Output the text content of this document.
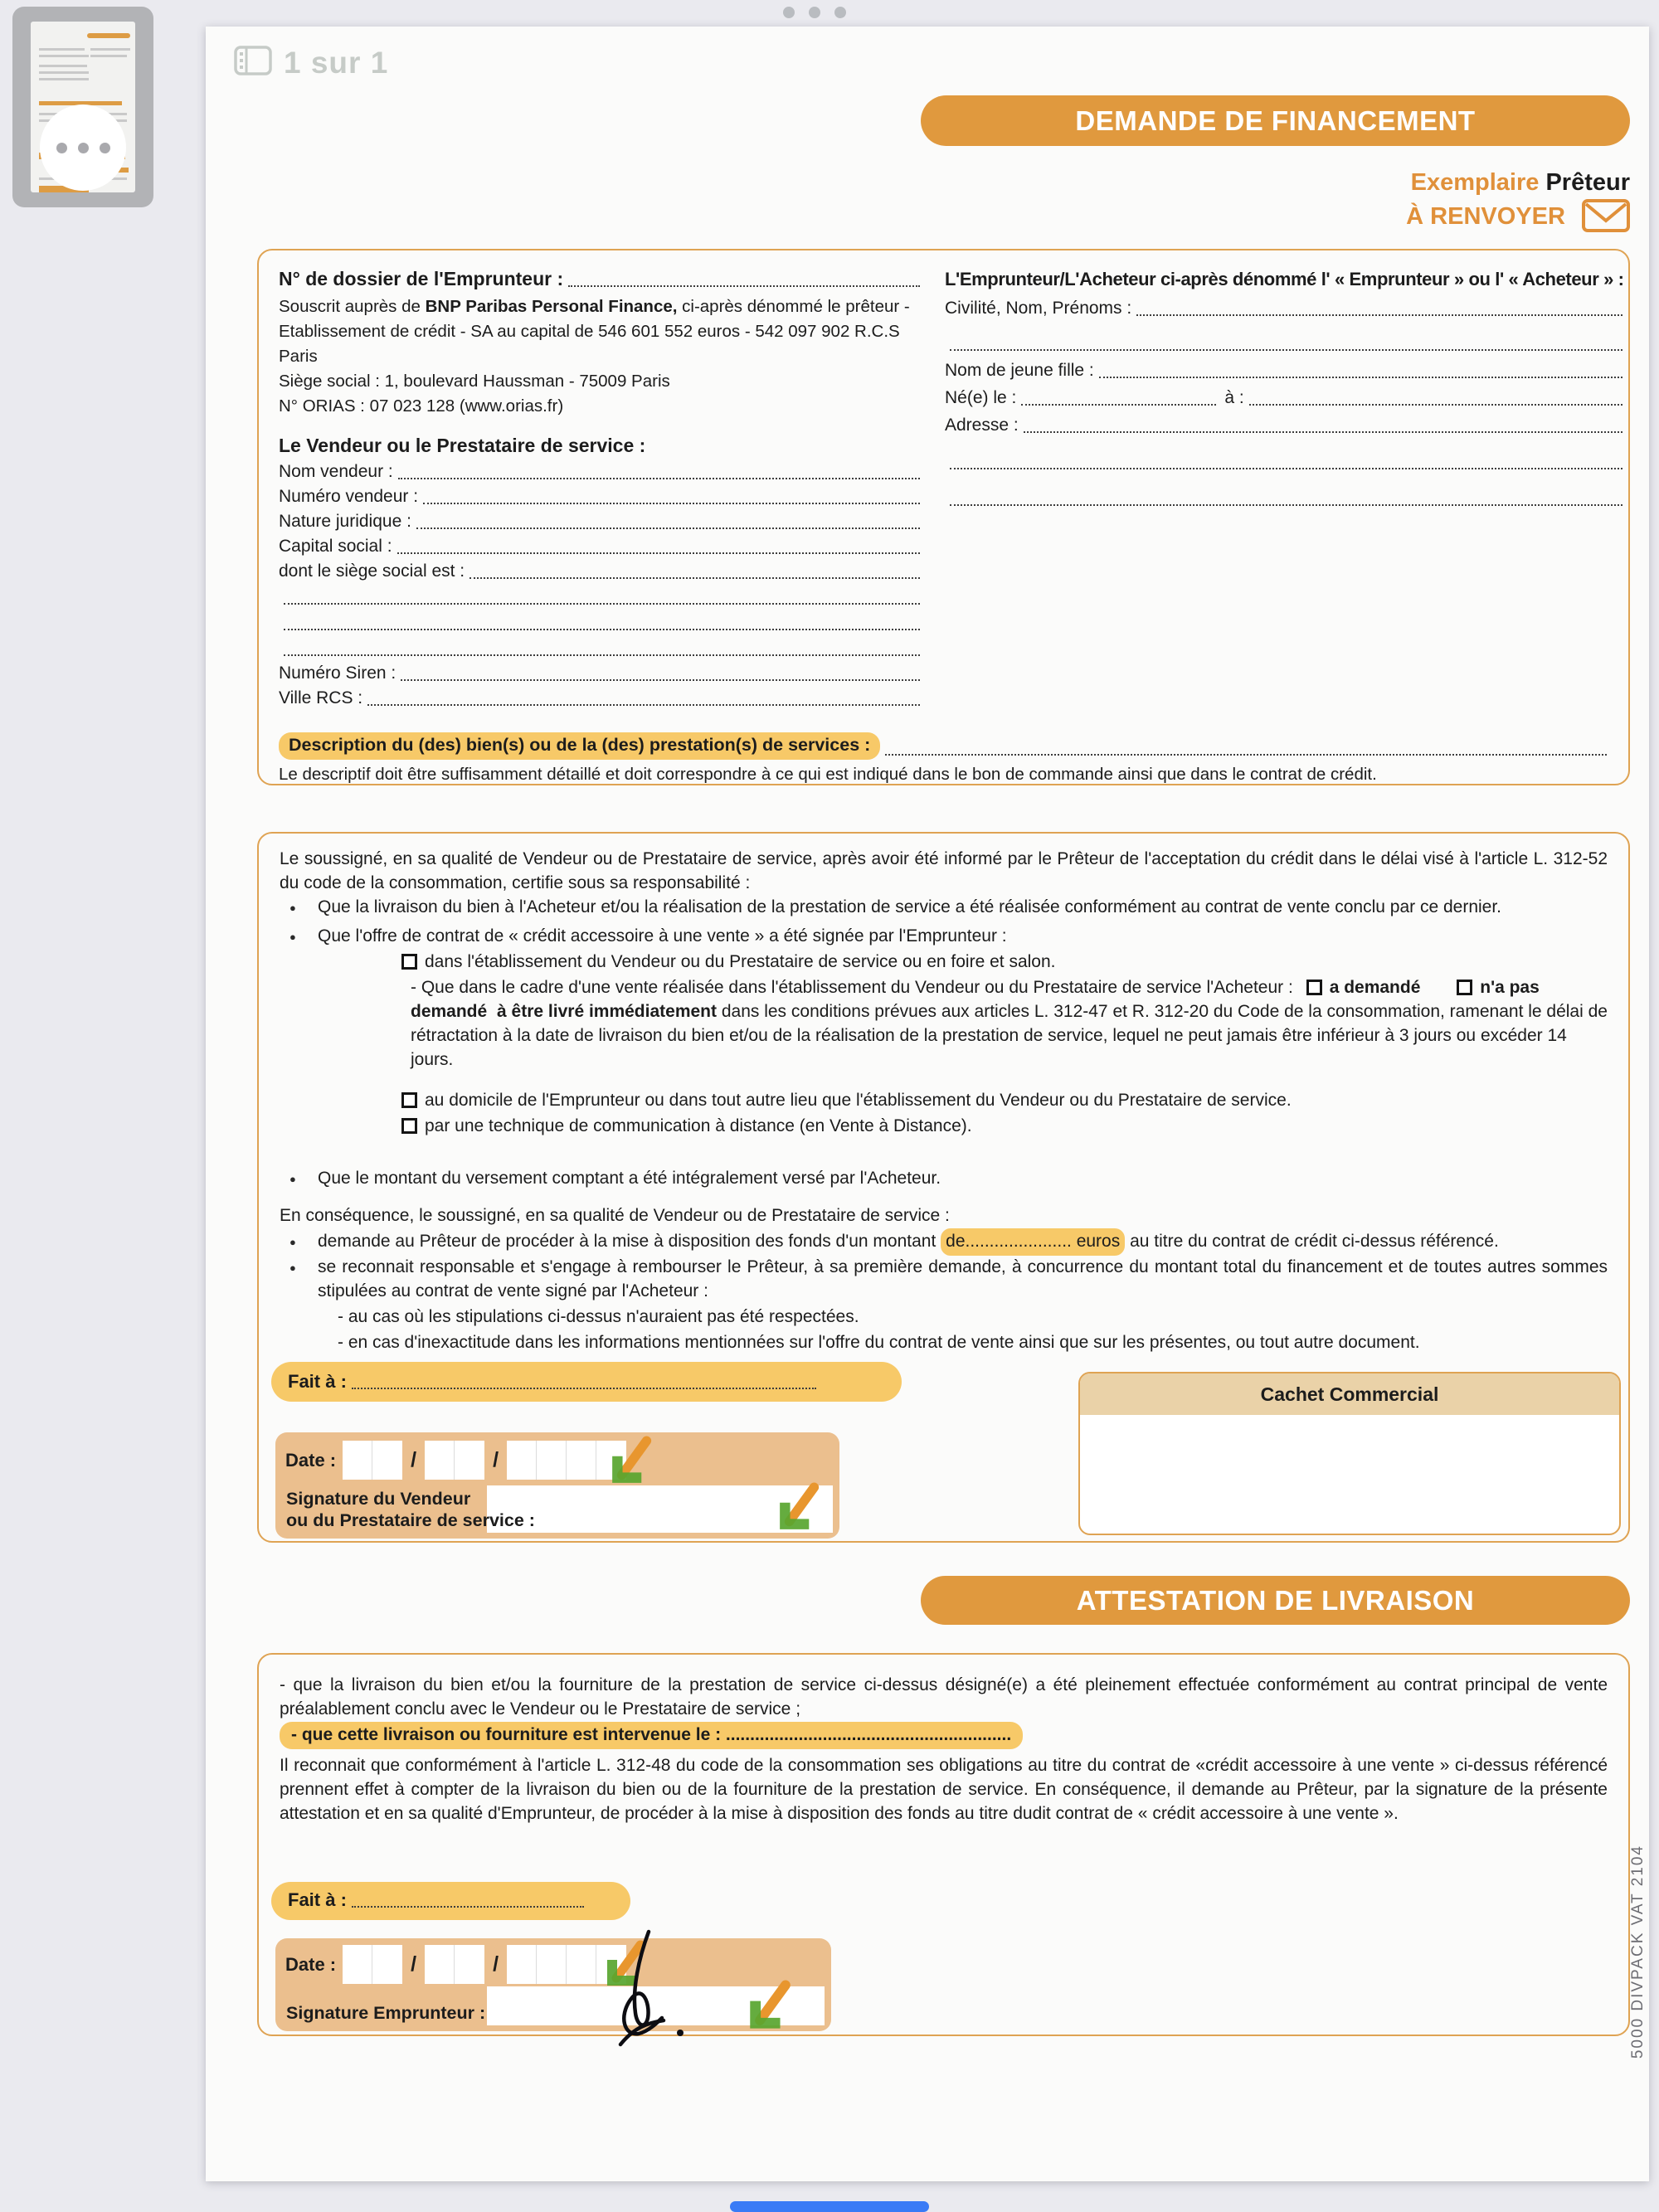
1 sur 1
DEMANDE DE FINANCEMENT
Exemplaire Prêteur
À RENVOYER
N° de dossier de l'Emprunteur :
Souscrit auprès de BNP Paribas Personal Finance, ci-après dénommé le prêteur -
Etablissement de crédit - SA au capital de 546 601 552 euros - 542 097 902 R.C.S Paris
Siège social : 1, boulevard Haussman - 75009 Paris
N° ORIAS : 07 023 128 (www.orias.fr)
Le Vendeur ou le Prestataire de service :
Nom vendeur :
Numéro vendeur :
Nature juridique :
Capital social :
dont le siège social est :
Numéro Siren :
Ville RCS :
L'Emprunteur/L'Acheteur ci-après dénommé l' « Emprunteur » ou l' « Acheteur » :
Civilité, Nom, Prénoms :
Nom de jeune fille :
Né(e) le :	à :
Adresse :
Description du (des) bien(s) ou de la (des) prestation(s) de services :
Le descriptif doit être suffisamment détaillé et doit correspondre à ce qui est indiqué dans le bon de commande ainsi que dans le contrat de crédit.

Le soussigné, en sa qualité de Vendeur ou de Prestataire de service, après avoir été informé par le Prêteur de l'acceptation du crédit dans le délai visé à l'article L. 312-52 du code de la consommation, certifie sous sa responsabilité :

● Que la livraison du bien à l'Acheteur et/ou la réalisation de la prestation de service a été réalisée conformément au contrat de vente conclu par ce dernier.
● Que l'offre de contrat de « crédit accessoire à une vente » a été signée par l'Emprunteur :
dans l'établissement du Vendeur ou du Prestataire de service ou en foire et salon.
- Que dans le cadre d'une vente réalisée dans l'établissement du Vendeur ou du Prestataire de service l'Acheteur : a demandé	n'a pas demandé à être livré immédiatement dans les conditions prévues aux articles L. 312-47 et R. 312-20 du Code de la consommation, ramenant le délai de rétractation à la date de livraison du bien et/ou de la réalisation de la prestation de service, lequel ne peut jamais être inférieur à 3 jours ou excéder 14 jours.
au domicile de l'Emprunteur ou dans tout autre lieu que l'établissement du Vendeur ou du Prestataire de service.
par une technique de communication à distance (en Vente à Distance).
● Que le montant du versement comptant a été intégralement versé par l'Acheteur.
En conséquence, le soussigné, en sa qualité de Vendeur ou de Prestataire de service :
● demande au Prêteur de procéder à la mise à disposition des fonds d'un montant de...................... euros au titre du contrat de crédit ci-dessus référencé.
● se reconnait responsable et s'engage à rembourser le Prêteur, à sa première demande, à concurrence du montant total du financement et de toutes autres sommes stipulées au contrat de vente signé par l'Acheteur :
- au cas où les stipulations ci-dessus n'auraient pas été respectées.
- en cas d'inexactitude dans les informations mentionnées sur l'offre du contrat de vente ainsi que sur les présentes, ou tout autre document.
Fait à :
Date :	/	/
Signature du Vendeur
ou du Prestataire de service :
Cachet Commercial
ATTESTATION DE LIVRAISON
- que la livraison du bien et/ou la fourniture de la prestation de service ci-dessus désigné(e) a été pleinement effectuée conformément au contrat principal de vente préalablement conclu avec le Vendeur ou le Prestataire de service ;
- que cette livraison ou fourniture est intervenue le : ...........................................................
Il reconnait que conformément à l'article L. 312-48 du code de la consommation ses obligations au titre du contrat de «crédit accessoire à une vente » ci-dessus référencé prennent effet à compter de la livraison du bien ou de la fourniture de la prestation de service. En conséquence, il demande au Prêteur, par la signature de la présente attestation et en sa qualité d'Emprunteur, de procéder à la mise à disposition des fonds au titre dudit contrat de « crédit accessoire à une vente ».
Fait à :
Date :	/	/
Signature Emprunteur :	5000 DIVPACK VAT 2104
